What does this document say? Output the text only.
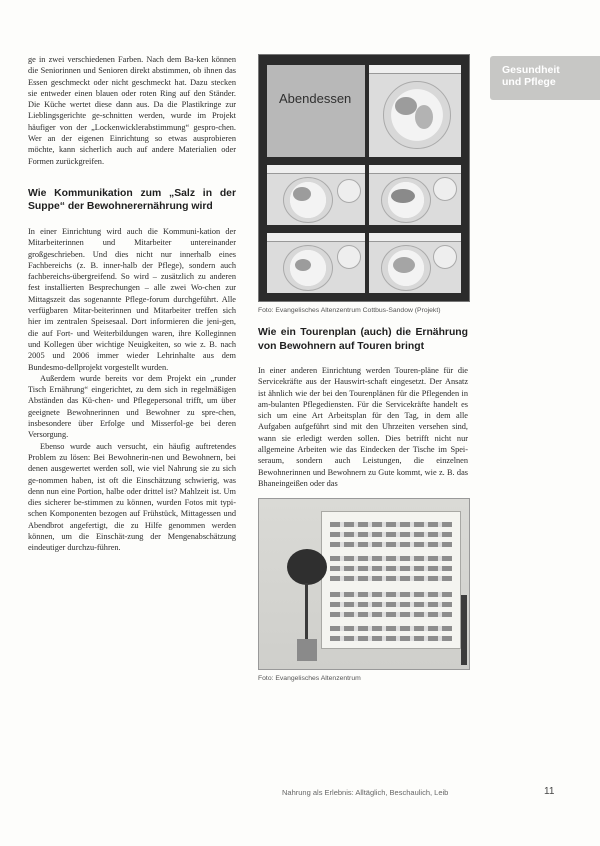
Gesundheit
und Pflege

ge in zwei verschiedenen Farben. Nach dem Ba-ken können die Seniorinnen und Senioren direkt abstimmen, ob ihnen das Essen geschmeckt oder nicht geschmeckt hat. Dazu stecken sie entweder einen blauen oder roten Ring auf den Ständer. Die Küche wertet diese dann aus. Da die Plastikringe zur Lieblingsgerichte ge-schnitten werden, wurde im Projekt häufiger von der „Lockenwicklerabstimmung“ gespro-chen. Wer an der eigenen Einrichtung so etwas ausprobieren möchte, kann sicherlich auch auf andere Materialien oder Formen zurückgreifen.

Wie Kommunikation zum „Salz in der Suppe“ der Bewohnerernährung wird

In einer Einrichtung wird auch die Kommuni-kation der Mitarbeiterinnen und Mitarbeiter untereinander großgeschrieben. Und dies nicht nur innerhalb eines Fachbereichs (z. B. inner-halb der Pflege), sondern auch fachbereichs-übergreifend. So wird – zusätzlich zu anderen fest installierten Besprechungen – alle zwei Wo-chen zur Mittagszeit das sogenannte Pflege-forum durchgeführt. Alle verfügbaren Mitar-beiterinnen und Mitarbeiter treffen sich hier im zentralen Speisesaal. Dort informieren die jeni-gen, die auf Fort- und Weiterbildungen waren, ihre Kolleginnen und Kollegen über wichtige Neuigkeiten, so wie z. B. nach 2005 und 2006 immer wieder Lehrinhalte aus dem Bundesmo-dellprojekt vorgestellt wurden.

Außerdem wurde bereits vor dem Projekt ein „runder Tisch Ernährung“ eingerichtet, zu dem sich in regelmäßigen Abständen das Kü-chen- und Pflegepersonal trifft, um über geeignete Bewohnerinnen und Bewohner zu spre-chen, insbesondere über Erfolge und Misserfol-ge bei deren Versorgung.

Ebenso wurde auch versucht, ein häufig auftretendes Problem zu lösen: Bei Bewohnerin-nen und Bewohnern, bei denen ausgewertet werden soll, wie viel Nahrung sie zu sich ge-nommen haben, ist oft die Einschätzung schwierig, was denn nun eine Portion, halbe oder drittel ist? Mahlzeit ist. Um dies sicherer be-stimmen zu können, wurden Fotos mit typi-schen Komponenten bezogen auf Frühstück, Mittagessen und Abendbrot angefertigt, die zu Hilfe genommen werden können, um die Einschät-zung der Mengenabschätzung eindeutiger durchzu-führen.

Abendessen
Foto: Evangelisches Altenzentrum Cottbus-Sandow (Projekt)
Wie ein Tourenplan (auch) die Ernährung von Bewohnern auf Touren bringt

In einer anderen Einrichtung werden Touren-pläne für die Servicekräfte aus der Hauswirt-schaft eingesetzt. Der Ansatz ist ähnlich wie der bei den Tourenplänen für die Pflegenden in am-bulanten Pflegediensten. Für die Servicekräfte handelt es sich um eine Art Arbeitsplan für den Tag, in dem alle Aufgaben aufgeführt sind mit den Uhrzeiten versehen sind, wann sie erledigt werden sollen. Dies betrifft nicht nur allgemeine Arbeiten wie das Eindecken der Tische im Spei-seraum, sondern auch Leistungen, die einzelnen Bewohnerinnen und Bewohnern zu Gute kommt, wie z. B. das Bhaneingeißen oder das

Foto: Evangelisches Altenzentrum
Nahrung als Erlebnis: Alltäglich, Beschaulich, Leib	11
